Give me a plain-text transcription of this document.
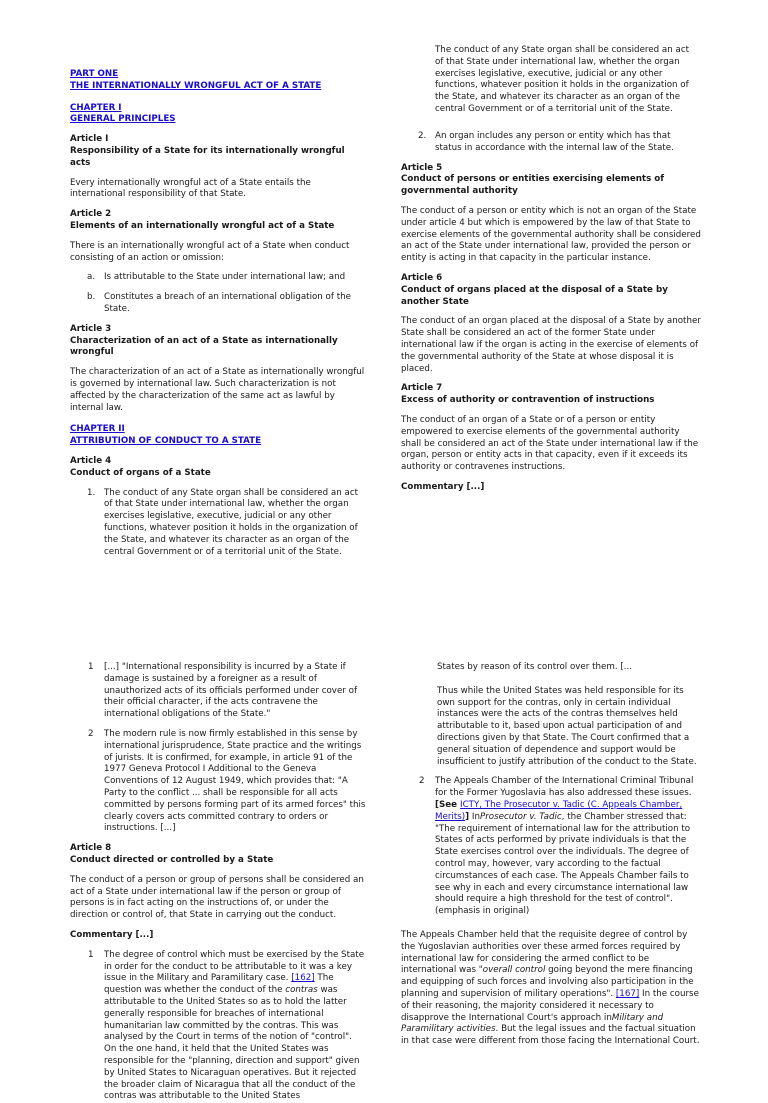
PART ONE
THE INTERNATIONALLY WRONGFUL ACT OF A STATE
CHAPTER I
GENERAL PRINCIPLES

Article I

Responsibility of a State for its internationally wrongful acts

Every internationally wrongful act of a State entails the international responsibility of that State.

Article 2

Elements of an internationally wrongful act of a State

There is an internationally wrongful act of a State when conduct consisting of an action or omission:

a. Is attributable to the State under international law; and
b. Constitutes a breach of an international obligation of the State.

Article 3

Characterization of an act of a State as internationally wrongful

The characterization of an act of a State as internationally wrongful is governed by international law. Such characterization is not affected by the characterization of the same act as lawful by internal law.

CHAPTER II
ATTRIBUTION OF CONDUCT TO A STATE

Article 4

Conduct of organs of a State

1. The conduct of any State organ shall be considered an act of that State under international law, whether the organ exercises legislative, executive, judicial or any other functions, whatever position it holds in the organization of the State, and whatever its character as an organ of the central Government or of a territorial unit of the State.
The conduct of any State organ shall be considered an act of that State under international law, whether the organ exercises legislative, executive, judicial or any other functions, whatever position it holds in the organization of the State, and whatever its character as an organ of the central Government or of a territorial unit of the State.
2. An organ includes any person or entity which has that status in accordance with the internal law of the State.

Article 5

Conduct of persons or entities exercising elements of governmental authority

The conduct of a person or entity which is not an organ of the State under article 4 but which is empowered by the law of that State to exercise elements of the governmental authority shall be considered an act of the State under international law, provided the person or entity is acting in that capacity in the particular instance.

Article 6

Conduct of organs placed at the disposal of a State by another State

The conduct of an organ placed at the disposal of a State by another State shall be considered an act of the former State under international law if the organ is acting in the exercise of elements of the governmental authority of the State at whose disposal it is placed.

Article 7

Excess of authority or contravention of instructions

The conduct of an organ of a State or of a person or entity empowered to exercise elements of the governmental authority shall be considered an act of the State under international law if the organ, person or entity acts in that capacity, even if it exceeds its authority or contravenes instructions.

Commentary [...]

1 [...] "International responsibility is incurred by a State if damage is sustained by a foreigner as a result of unauthorized acts of its officials performed under cover of their official character, if the acts contravene the international obligations of the State."
2 The modern rule is now firmly established in this sense by international jurisprudence, State practice and the writings of jurists. It is confirmed, for example, in article 91 of the 1977 Geneva Protocol I Additional to the Geneva Conventions of 12 August 1949, which provides that: "A Party to the conflict ... shall be responsible for all acts committed by persons forming part of its armed forces" this clearly covers acts committed contrary to orders or instructions. [...]

Article 8

Conduct directed or controlled by a State

The conduct of a person or group of persons shall be considered an act of a State under international law if the person or group of persons is in fact acting on the instructions of, or under the direction or control of, that State in carrying out the conduct.

Commentary [...]

1 The degree of control which must be exercised by the State in order for the conduct to be attributable to it was a key issue in the Military and Paramilitary case. [162] The question was whether the conduct of the contras was attributable to the United States so as to hold the latter generally responsible for breaches of international humanitarian law committed by the contras. This was analysed by the Court in terms of the notion of "control". On the one hand, it held that the United States was responsible for the "planning, direction and support" given by United States to Nicaraguan operatives. But it rejected the broader claim of Nicaragua that all the conduct of the contras was attributable to the United States

States by reason of its control over them. [...

Thus while the United States was held responsible for its own support for the contras, only in certain individual instances were the acts of the contras themselves held attributable to it, based upon actual participation of and directions given by that State. The Court confirmed that a general situation of dependence and support would be insufficient to justify attribution of the conduct to the State.

2 The Appeals Chamber of the International Criminal Tribunal for the Former Yugoslavia has also addressed these issues. [See ICTY, The Prosecutor v. Tadic (C. Appeals Chamber, Merits)] InProsecutor v. Tadic, the Chamber stressed that: "The requirement of international law for the attribution to States of acts performed by private individuals is that the State exercises control over the individuals. The degree of control may, however, vary according to the factual circumstances of each case. The Appeals Chamber fails to see why in each and every circumstance international law should require a high threshold for the test of control". (emphasis in original)

The Appeals Chamber held that the requisite degree of control by the Yugoslavian authorities over these armed forces required by international law for considering the armed conflict to be international was "overall control going beyond the mere financing and equipping of such forces and involving also participation in the planning and supervision of military operations". [167] In the course of their reasoning, the majority considered it necessary to disapprove the International Court's approach inMilitary and Paramilitary activities. But the legal issues and the factual situation in that case were different from those facing the International Court.
